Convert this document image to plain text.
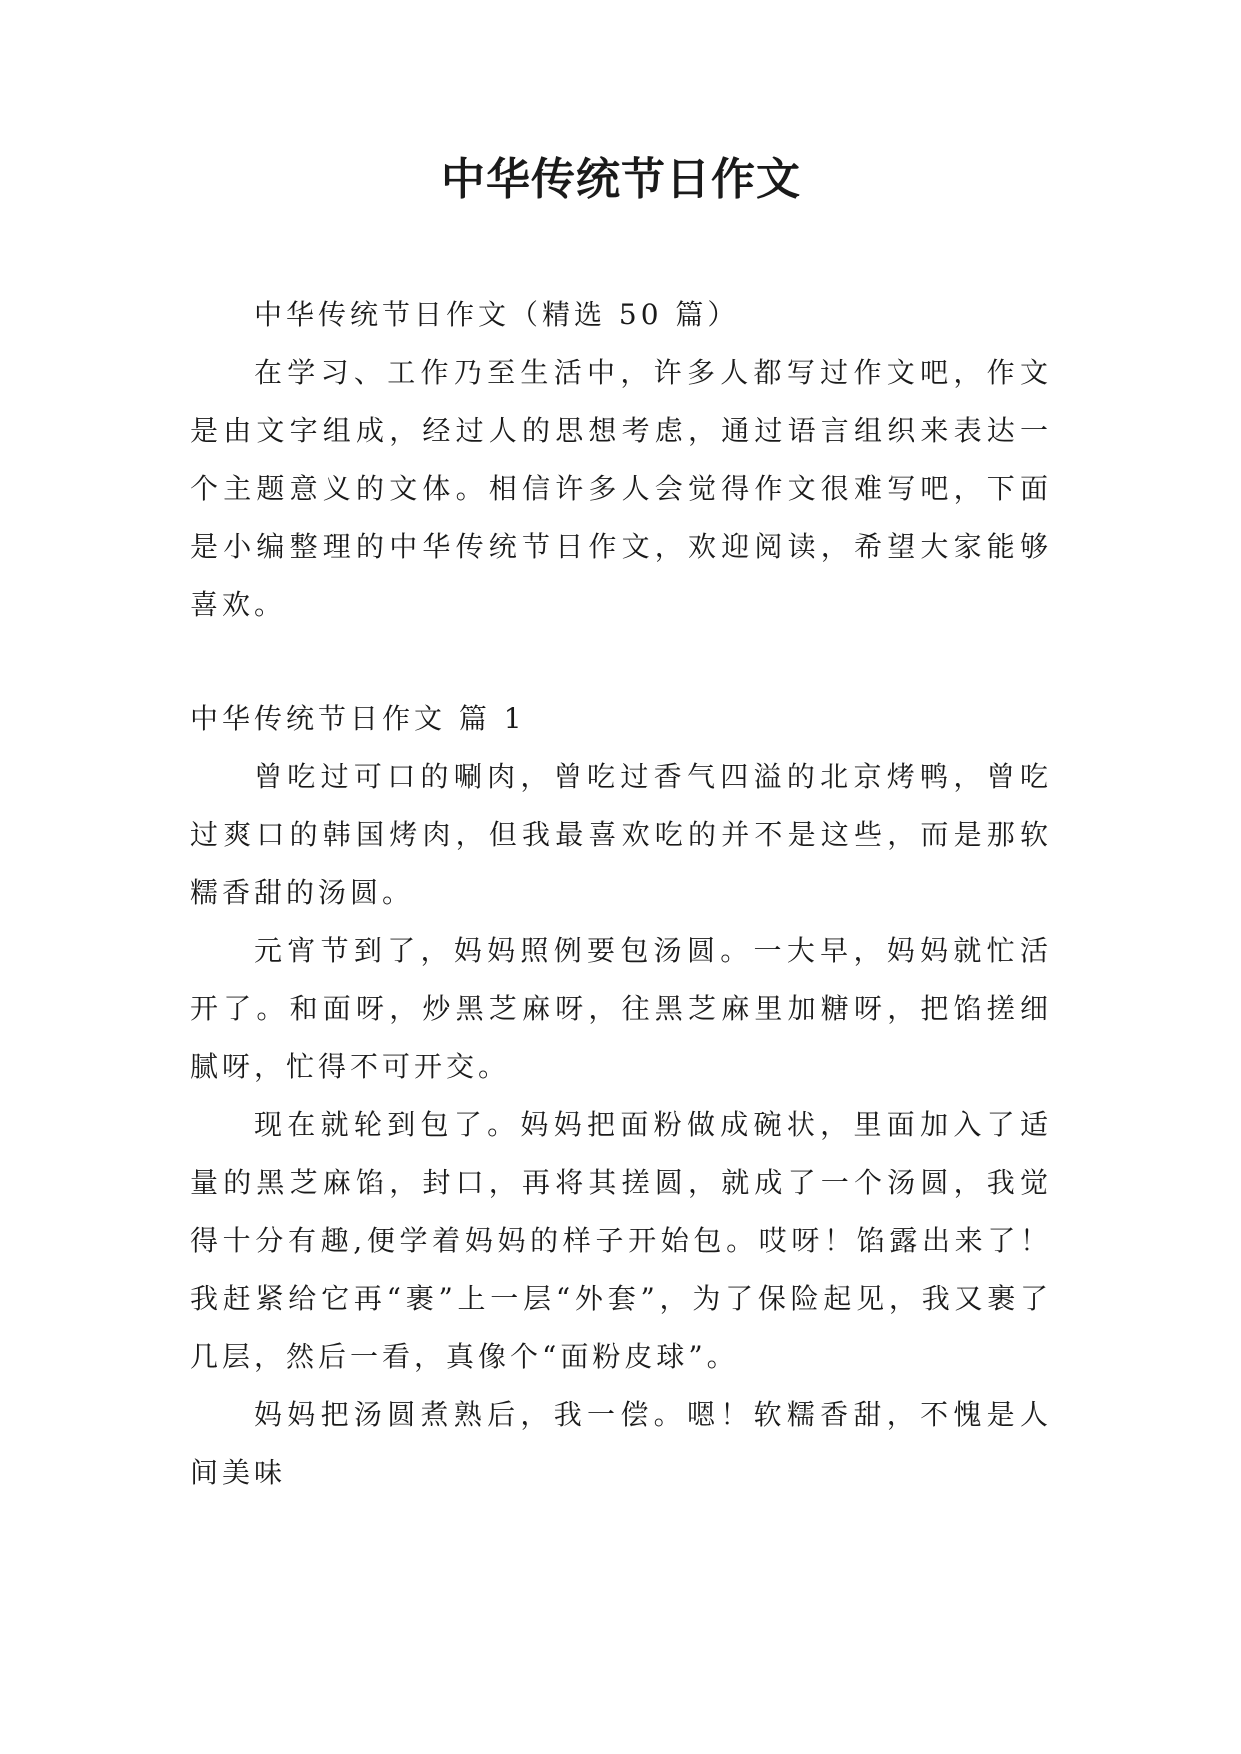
中华传统节日作文

中华传统节日作文（精选 50 篇）

在学习、工作乃至生活中，许多人都写过作文吧，作文是由文字组成，经过人的思想考虑，通过语言组织来表达一个主题意义的文体。相信许多人会觉得作文很难写吧，下面是小编整理的中华传统节日作文，欢迎阅读，希望大家能够喜欢。

中华传统节日作文 篇 1

曾吃过可口的唰肉，曾吃过香气四溢的北京烤鸭，曾吃过爽口的韩国烤肉，但我最喜欢吃的并不是这些，而是那软糯香甜的汤圆。

元宵节到了，妈妈照例要包汤圆。一大早，妈妈就忙活开了。和面呀，炒黑芝麻呀，往黑芝麻里加糖呀，把馅搓细腻呀，忙得不可开交。

现在就轮到包了。妈妈把面粉做成碗状，里面加入了适量的黑芝麻馅，封口，再将其搓圆，就成了一个汤圆，我觉得十分有趣,便学着妈妈的样子开始包。哎呀！馅露出来了！我赶紧给它再“裹”上一层“外套”，为了保险起见，我又裹了几层，然后一看，真像个“面粉皮球”。

妈妈把汤圆煮熟后，我一偿。嗯！软糯香甜，不愧是人间美味
